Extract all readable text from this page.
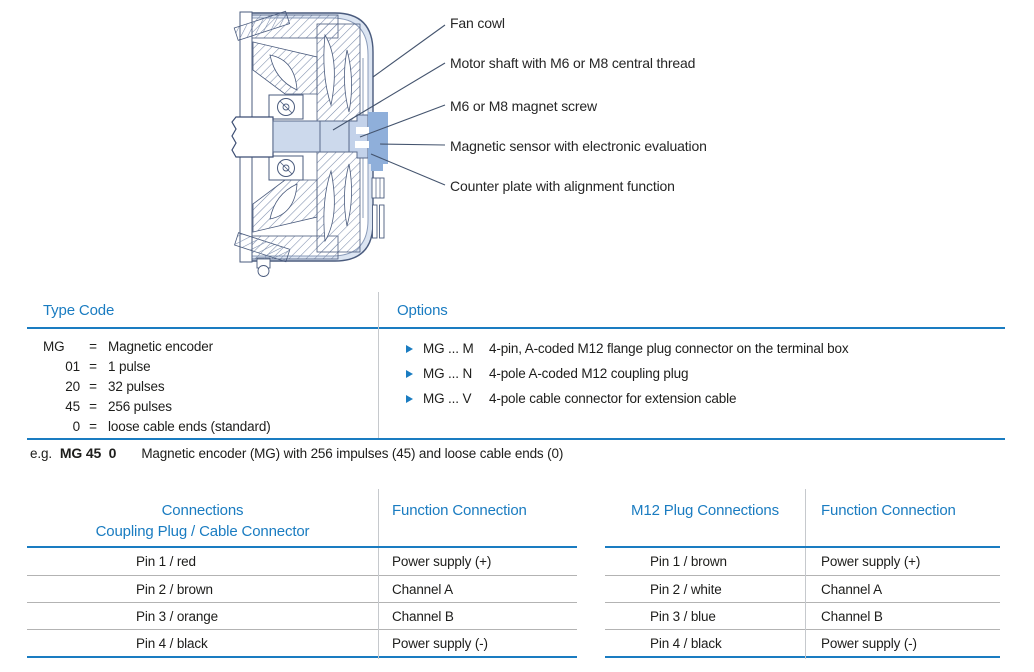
Fan cowl
Motor shaft with M6 or M8 central thread
M6 or M8 magnet screw
Magnetic sensor with electronic evaluation
Counter plate with alignment function
Type Code	Options
MG	= Magnetic encoder
01 = 1 pulse
20 = 32 pulses
45 = 256 pulses
0 = loose cable ends (standard)
MG ... M	4-pin, A-coded M12 flange plug connector on the terminal box
MG ... N	4-pole A-coded M12 coupling plug
MG ... V	4-pole cable connector for extension cable
e.g. MG 45  0 Magnetic encoder (MG) with 256 impulses (45) and loose cable ends (0)
Connections
Coupling Plug / Cable Connector
Function Connection
Pin 1 / red	Power supply (+)
Pin 2 / brown	Channel A
Pin 3 / orange	Channel B
Pin 4 / black	Power supply (-)
M12 Plug Connections	Function Connection
Pin 1 / brown	Power supply (+)
Pin 2 / white	Channel A
Pin 3 / blue	Channel B
Pin 4 / black	Power supply (-)
